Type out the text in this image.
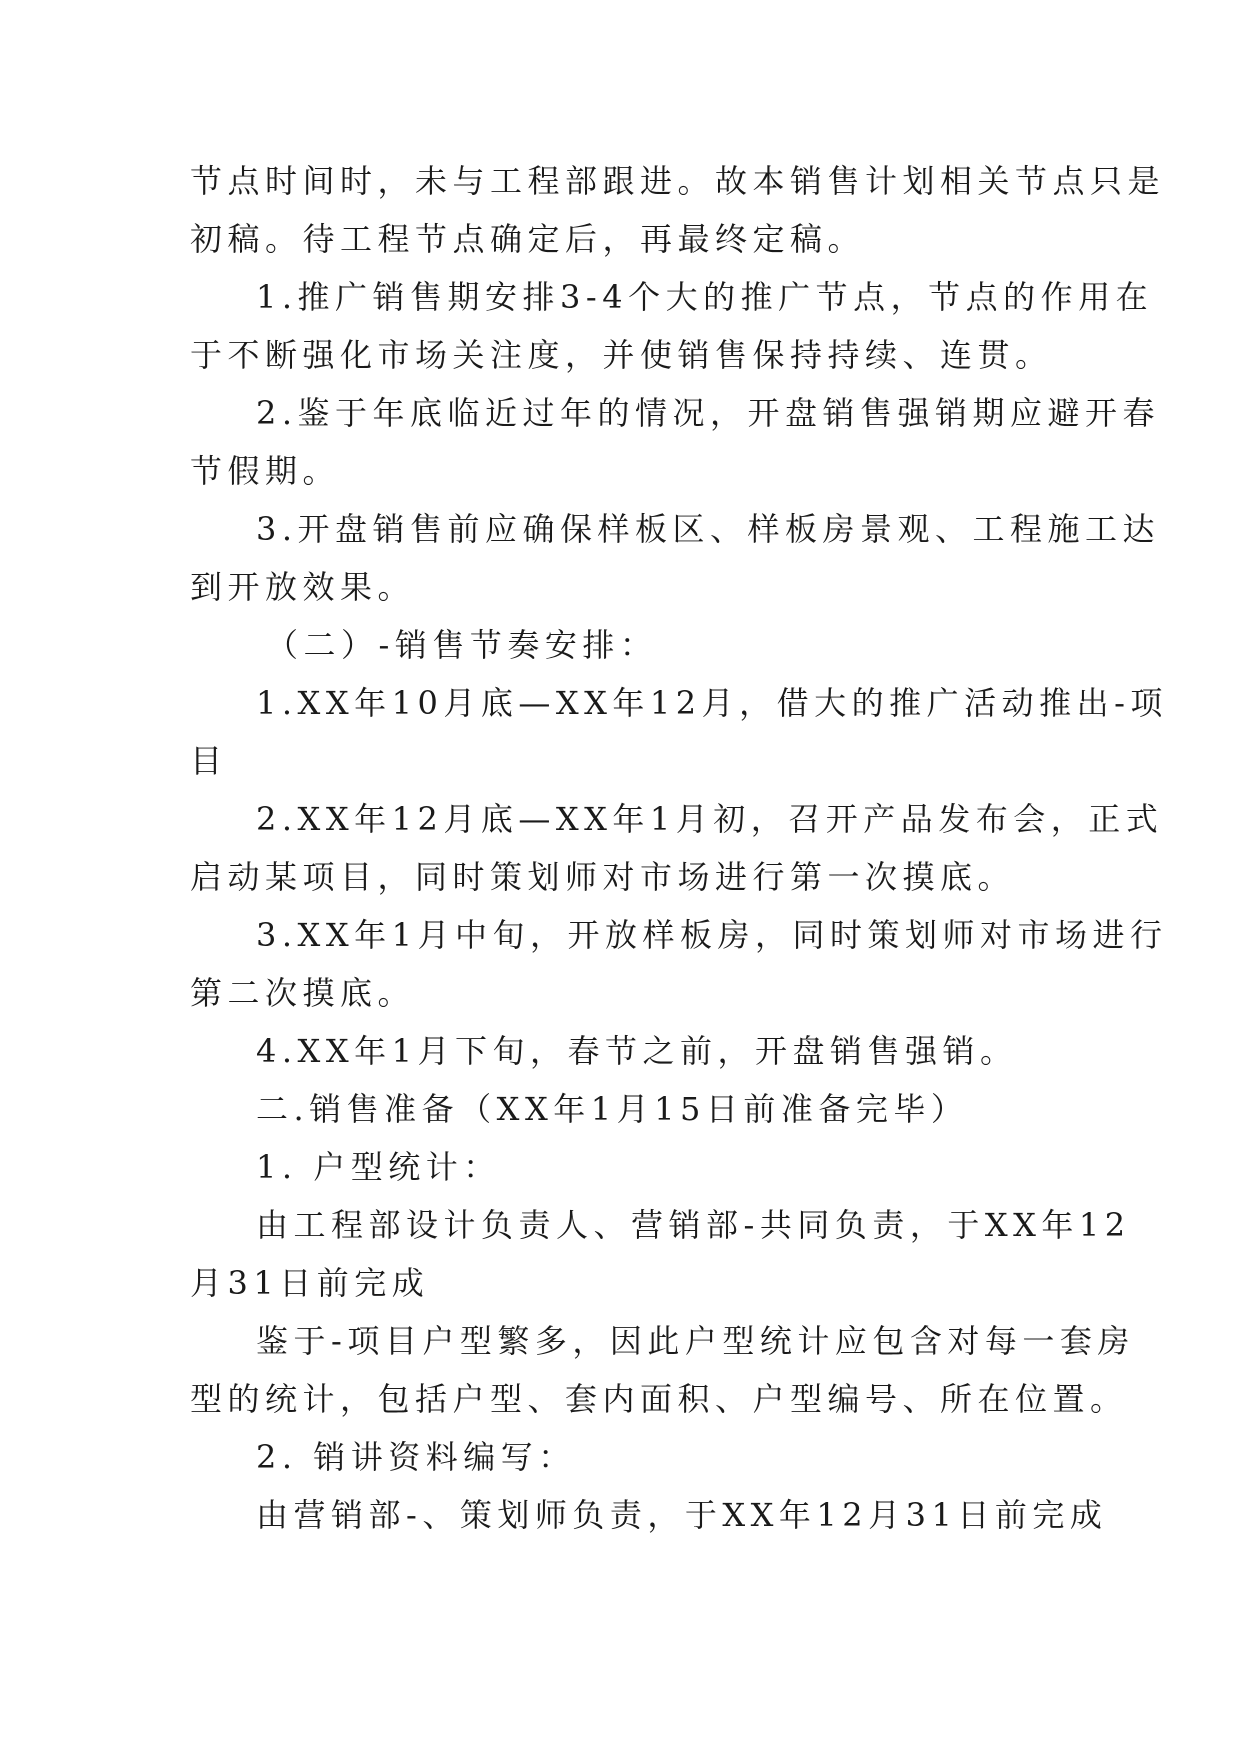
节点时间时，未与工程部跟进。故本销售计划相关节点只是
初稿。待工程节点确定后，再最终定稿。
1.推广销售期安排3-4个大的推广节点，节点的作用在
于不断强化市场关注度，并使销售保持持续、连贯。
2.鉴于年底临近过年的情况，开盘销售强销期应避开春
节假期。
3.开盘销售前应确保样板区、样板房景观、工程施工达
到开放效果。
（二）-销售节奏安排：
1.XX年10月底—XX年12月，借大的推广活动推出-项
目
2.XX年12月底—XX年1月初，召开产品发布会，正式
启动某项目，同时策划师对市场进行第一次摸底。
3.XX年1月中旬，开放样板房，同时策划师对市场进行
第二次摸底。
4.XX年1月下旬，春节之前，开盘销售强销。
二.销售准备（XX年1月15日前准备完毕）
1. 户型统计：
由工程部设计负责人、营销部-共同负责，于XX年12
月31日前完成
鉴于-项目户型繁多，因此户型统计应包含对每一套房
型的统计，包括户型、套内面积、户型编号、所在位置。
2. 销讲资料编写：
由营销部-、策划师负责，于XX年12月31日前完成
